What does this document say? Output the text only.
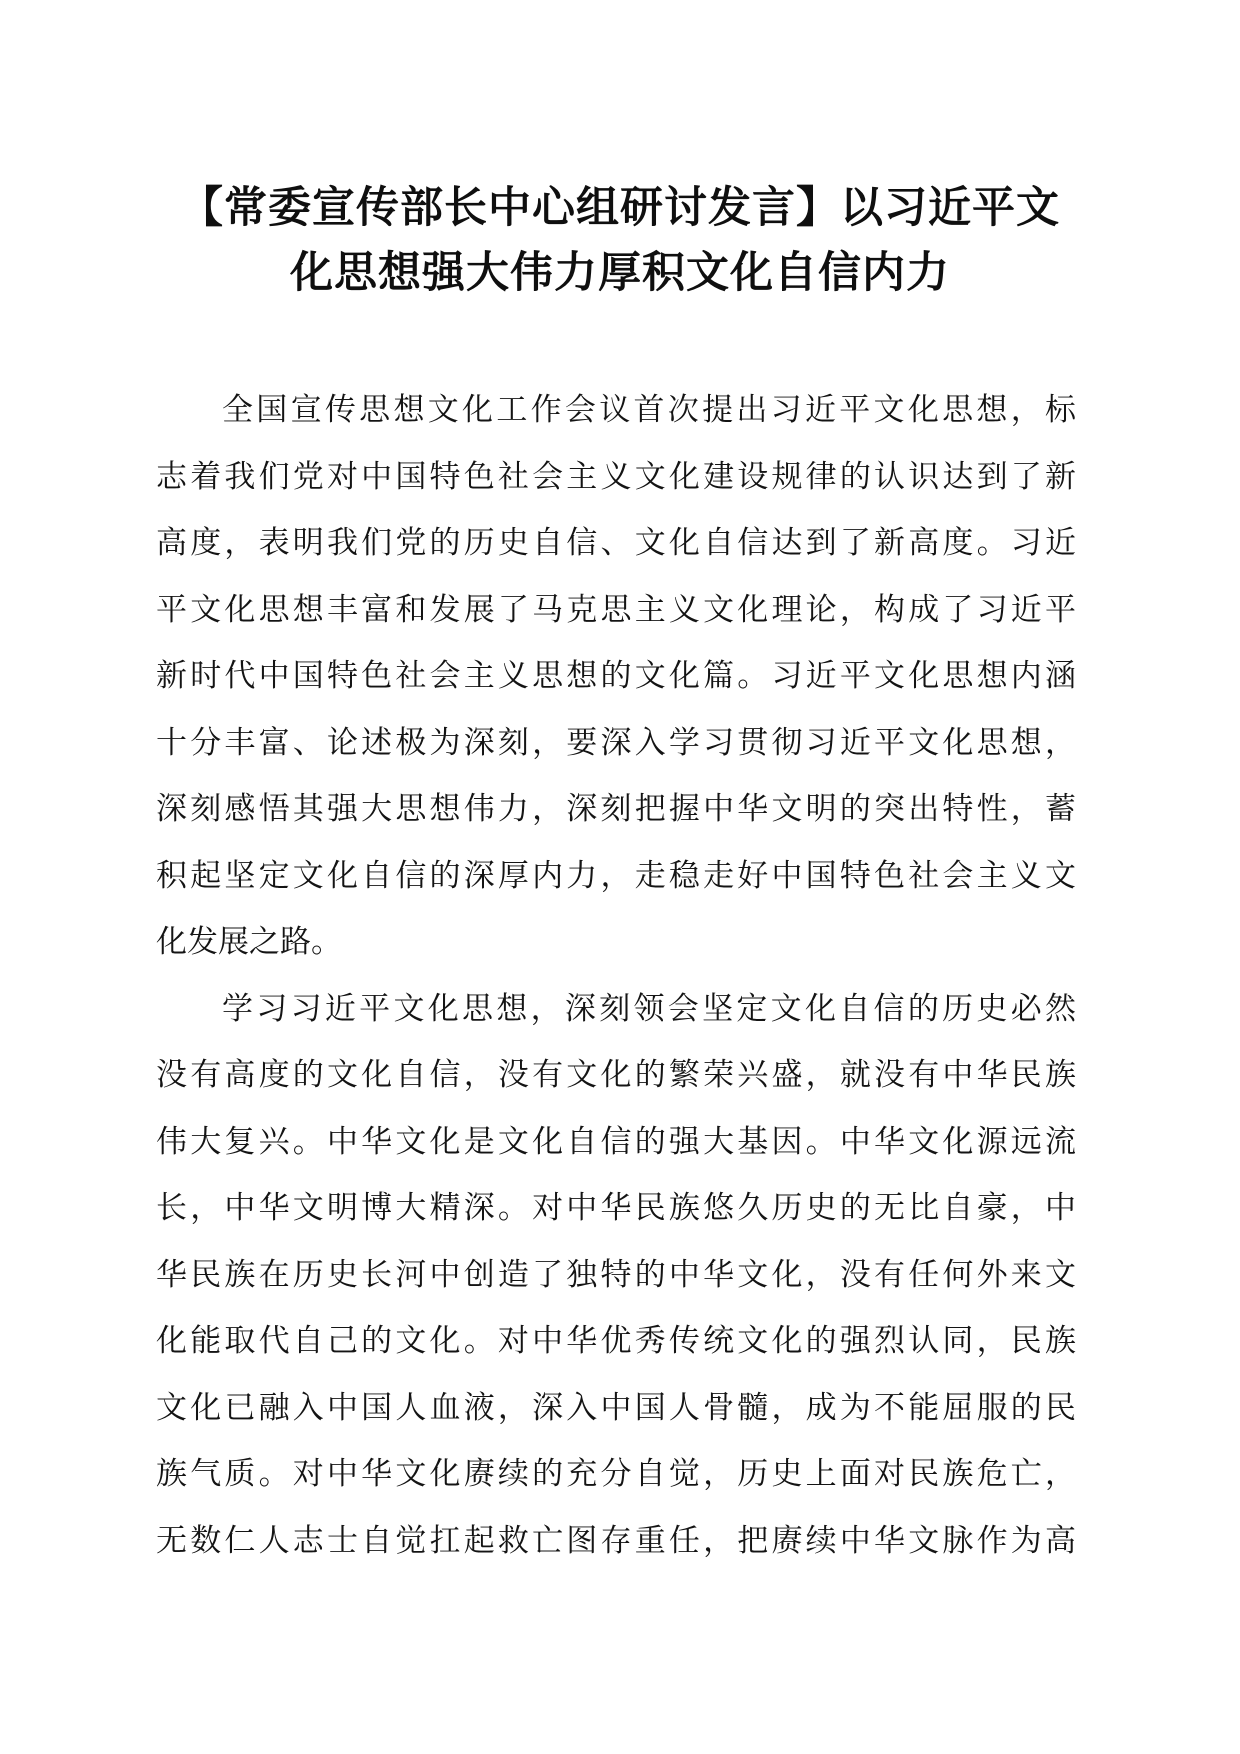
【常委宣传部长中心组研讨发言】以习近平文
化思想强大伟力厚积文化自信内力
全国宣传思想文化工作会议首次提出习近平文化思想，标
志着我们党对中国特色社会主义文化建设规律的认识达到了新
高度，表明我们党的历史自信、文化自信达到了新高度。习近
平文化思想丰富和发展了马克思主义文化理论，构成了习近平
新时代中国特色社会主义思想的文化篇。习近平文化思想内涵
十分丰富、论述极为深刻，要深入学习贯彻习近平文化思想，
深刻感悟其强大思想伟力，深刻把握中华文明的突出特性，蓄
积起坚定文化自信的深厚内力，走稳走好中国特色社会主义文
化发展之路。
学习习近平文化思想，深刻领会坚定文化自信的历史必然
没有高度的文化自信，没有文化的繁荣兴盛，就没有中华民族
伟大复兴。中华文化是文化自信的强大基因。中华文化源远流
长，中华文明博大精深。对中华民族悠久历史的无比自豪，中
华民族在历史长河中创造了独特的中华文化，没有任何外来文
化能取代自己的文化。对中华优秀传统文化的强烈认同，民族
文化已融入中国人血液，深入中国人骨髓，成为不能屈服的民
族气质。对中华文化赓续的充分自觉，历史上面对民族危亡，
无数仁人志士自觉扛起救亡图存重任，把赓续中华文脉作为高
